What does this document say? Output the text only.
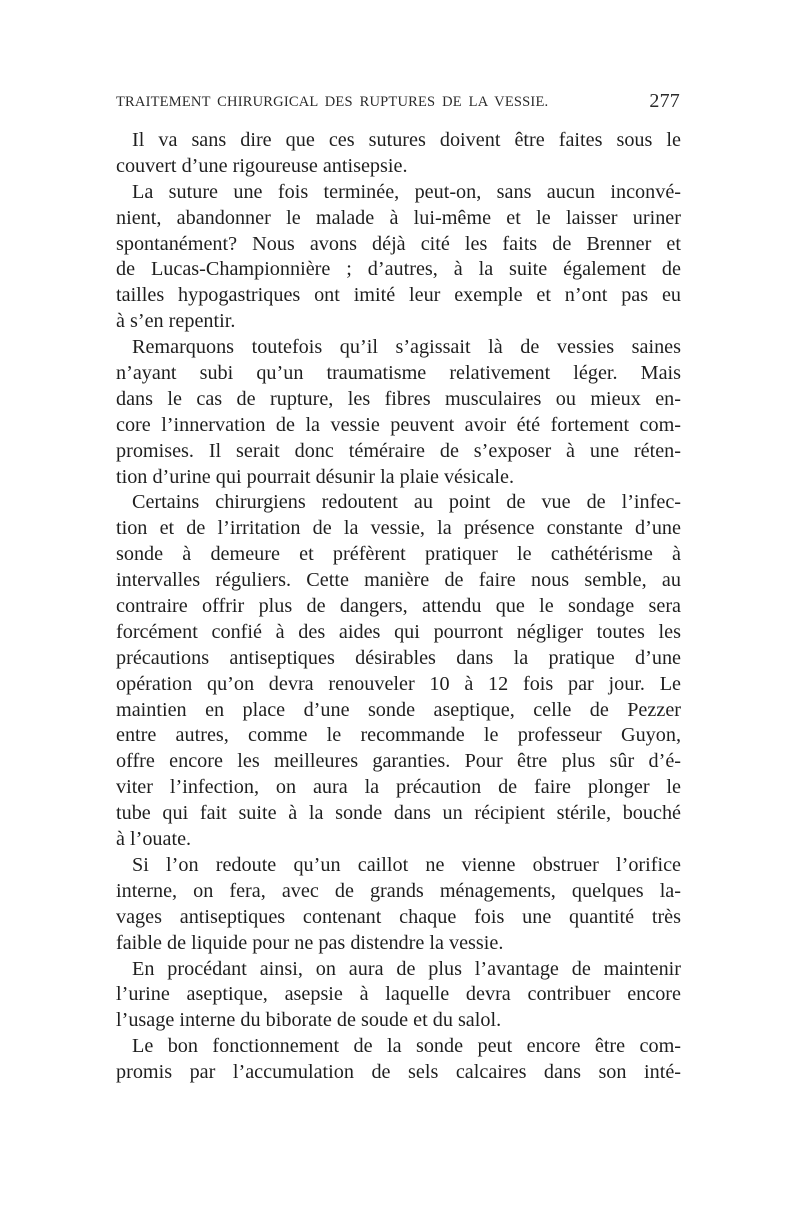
TRAITEMENT CHIRURGICAL DES RUPTURES DE LA VESSIE.	277
Il va sans dire que ces sutures doivent être faites sous le
couvert d’une rigoureuse antisepsie.
La suture une fois terminée, peut-on, sans aucun inconvé-
nient, abandonner le malade à lui-même et le laisser uriner
spontanément? Nous avons déjà cité les faits de Brenner et
de Lucas-Championnière ; d’autres, à la suite également de
tailles hypogastriques ont imité leur exemple et n’ont pas eu
à s’en repentir.
Remarquons toutefois qu’il s’agissait là de vessies saines
n’ayant subi qu’un traumatisme relativement léger. Mais
dans le cas de rupture, les fibres musculaires ou mieux en-
core l’innervation de la vessie peuvent avoir été fortement com-
promises. Il serait donc téméraire de s’exposer à une réten-
tion d’urine qui pourrait désunir la plaie vésicale.
Certains chirurgiens redoutent au point de vue de l’infec-
tion et de l’irritation de la vessie, la présence constante d’une
sonde à demeure et préfèrent pratiquer le cathétérisme à
intervalles réguliers. Cette manière de faire nous semble, au
contraire offrir plus de dangers, attendu que le sondage sera
forcément confié à des aides qui pourront négliger toutes les
précautions antiseptiques désirables dans la pratique d’une
opération qu’on devra renouveler 10 à 12 fois par jour. Le
maintien en place d’une sonde aseptique, celle de Pezzer
entre autres, comme le recommande le professeur Guyon,
offre encore les meilleures garanties. Pour être plus sûr d’é-
viter l’infection, on aura la précaution de faire plonger le
tube qui fait suite à la sonde dans un récipient stérile, bouché
à l’ouate.
Si l’on redoute qu’un caillot ne vienne obstruer l’orifice
interne, on fera, avec de grands ménagements, quelques la-
vages antiseptiques contenant chaque fois une quantité très
faible de liquide pour ne pas distendre la vessie.
En procédant ainsi, on aura de plus l’avantage de maintenir
l’urine aseptique, asepsie à laquelle devra contribuer encore
l’usage interne du biborate de soude et du salol.
Le bon fonctionnement de la sonde peut encore être com-
promis par l’accumulation de sels calcaires dans son inté-
